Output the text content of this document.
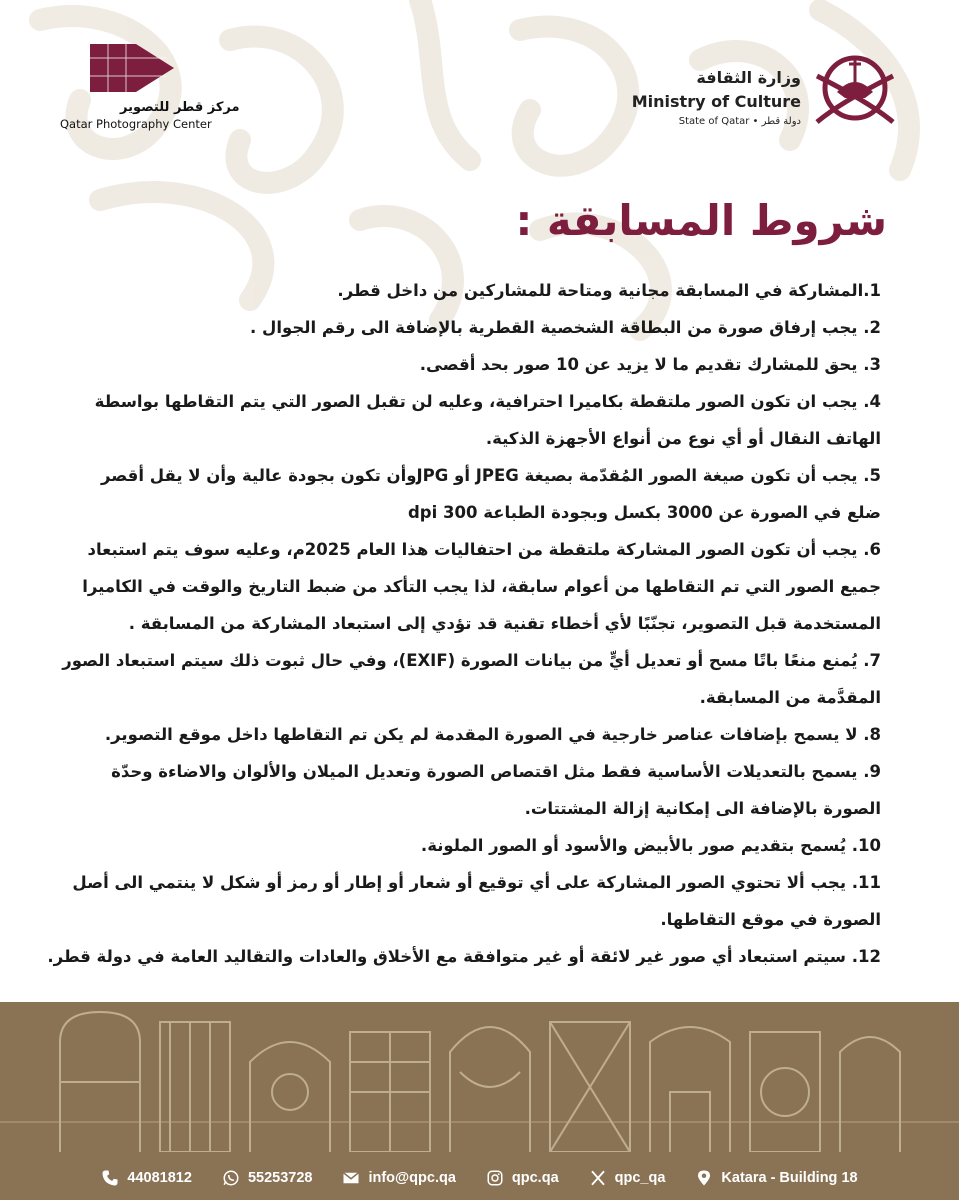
مركز قطر للتصوير
Qatar Photography Center
وزارة الثقافة
Ministry of Culture
State of Qatar • دولة قطر
شروط المسابقة :
1.المشاركة في المسابقة مجانية ومتاحة للمشاركين من داخل قطر.
2. يجب إرفاق صورة من البطاقة الشخصية القطرية بالإضافة الى رقم الجوال .
3. يحق للمشارك تقديم ما لا يزيد عن 10 صور بحد أقصى.
4. يجب ان تكون الصور ملتقطة بكاميرا احترافية، وعليه لن تقبل الصور التي يتم التقاطها بواسطة
الهاتف النقال أو أي نوع من أنواع الأجهزة الذكية.
5. يجب أن تكون صيغة الصور المُقدّمة بصيغة JPEG أو JPGوأن تكون بجودة عالية وأن لا يقل أقصر
ضلع في الصورة عن 3000 بكسل وبجودة الطباعة 300 dpi
6. يجب أن تكون الصور المشاركة ملتقطة من احتفاليات هذا العام 2025م، وعليه سوف يتم استبعاد
جميع الصور التي تم التقاطها من أعوام سابقة، لذا يجب التأكد من ضبط التاريخ والوقت في الكاميرا
المستخدمة قبل التصوير، تجنّبًا لأي أخطاء تقنية قد تؤدي إلى استبعاد المشاركة من المسابقة .
7. يُمنع منعًا باتًا مسح أو تعديل أيٍّ من بيانات الصورة (EXIF)، وفي حال ثبوت ذلك سيتم استبعاد الصور
المقدَّمة من المسابقة.
8. لا يسمح بإضافات عناصر خارجية في الصورة المقدمة لم يكن تم التقاطها داخل موقع التصوير.
9. يسمح بالتعديلات الأساسية فقط مثل اقتصاص الصورة وتعديل الميلان والألوان والاضاءة وحدّة
الصورة بالإضافة الى إمكانية إزالة المشتتات.
10. يُسمح بتقديم صور بالأبيض والأسود أو الصور الملونة.
11. يجب ألا تحتوي الصور المشاركة على أي توقيع أو شعار أو إطار أو رمز أو شكل لا ينتمي الى أصل
الصورة في موقع التقاطها.
12. سيتم استبعاد أي صور غير لائقة أو غير متوافقة مع الأخلاق والعادات والتقاليد العامة في دولة قطر.
44081812	55253728	info@qpc.qa	qpc.qa	qpc_qa	Katara - Building 18
